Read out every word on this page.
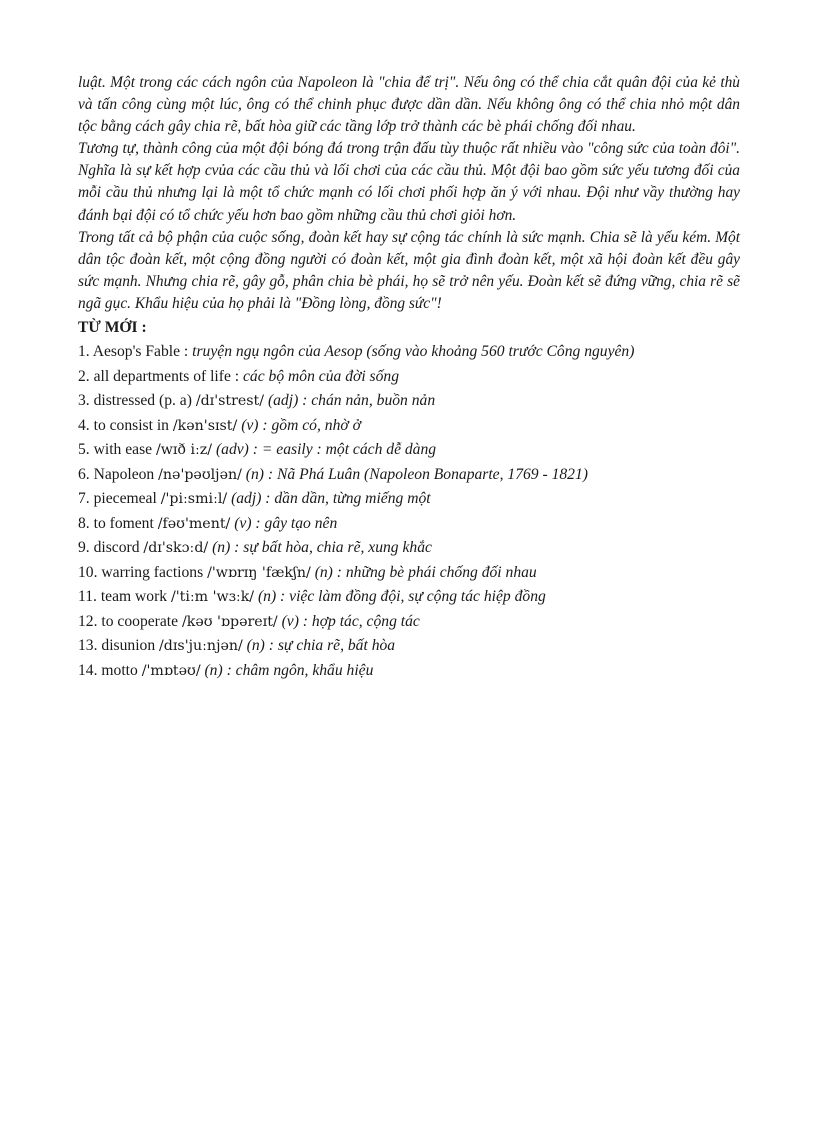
luật. Một trong các cách ngôn của Napoleon là "chia để trị". Nếu ông có thể chia cắt quân đội của kẻ thù và tấn công cùng một lúc, ông có thể chinh phục được dần dần. Nếu không ông có thể chia nhỏ một dân tộc bằng cách gây chia rẽ, bất hòa giữ các tầng lớp trở thành các bè phái chống đối nhau.

Tương tự, thành công của một đội bóng đá trong trận đấu tùy thuộc rất nhiều vào "công sức của toàn đôi". Nghĩa là sự kết hợp cvủa các cầu thủ và lối chơi của các cầu thủ. Một đội bao gồm sức yếu tương đối của mỗi cầu thủ nhưng lại là một tổ chức mạnh có lối chơi phối hợp ăn ý với nhau. Đội như vầy thường hay đánh bại đội có tổ chức yếu hơn bao gồm những cầu thủ chơi giỏi hơn.

Trong tất cả bộ phận của cuộc sống, đoàn kết hay sự cộng tác chính là sức mạnh. Chia sẽ là yếu kém. Một dân tộc đoàn kết, một cộng đồng người có đoàn kết, một gia đình đoàn kết, một xã hội đoàn kết đều gây sức mạnh. Nhưng chia rẽ, gây gỗ, phân chia bè phái, họ sẽ trở nên yếu. Đoàn kết sẽ đứng vững, chia rẽ sẽ ngã gục. Khẩu hiệu của họ phải là "Đồng lòng, đồng sức"!

TỪ MỚI :
1. Aesop's Fable : truyện ngụ ngôn của Aesop (sống vào khoảng 560 trước Công nguyên)
2. all departments of life : các bộ môn của đời sống
3. distressed (p. a) /dɪ'strest/ (adj) : chán nản, buồn nản
4. to consist in /kən'sɪst/ (v) : gồm có, nhờ ở
5. with ease /wɪð iːz/ (adv) : = easily : một cách dễ dàng
6. Napoleon /nə'pəʊljən/ (n) : Nã Phá Luân (Napoleon Bonaparte, 1769 - 1821)
7. piecemeal /'piːsmiːl/ (adj) : dần dần, từng miếng một
8. to foment /fəʊ'ment/ (v) : gây tạo nên
9. discord /dɪ'skɔːd/ (n) : sự bất hòa, chia rẽ, xung khắc
10. warring factions /'wɒrɪŋ 'fækʃn/ (n) : những bè phái chống đối nhau
11. team work /'tiːm 'wɜːk/ (n) : việc làm đồng đội, sự cộng tác hiệp đồng
12. to cooperate /kəʊ 'ɒpəreɪt/ (v) : hợp tác, cộng tác
13. disunion /dɪs'juːnjən/ (n) : sự chia rẽ, bất hòa
14. motto /'mɒtəʊ/ (n) : châm ngôn, khẩu hiệu
